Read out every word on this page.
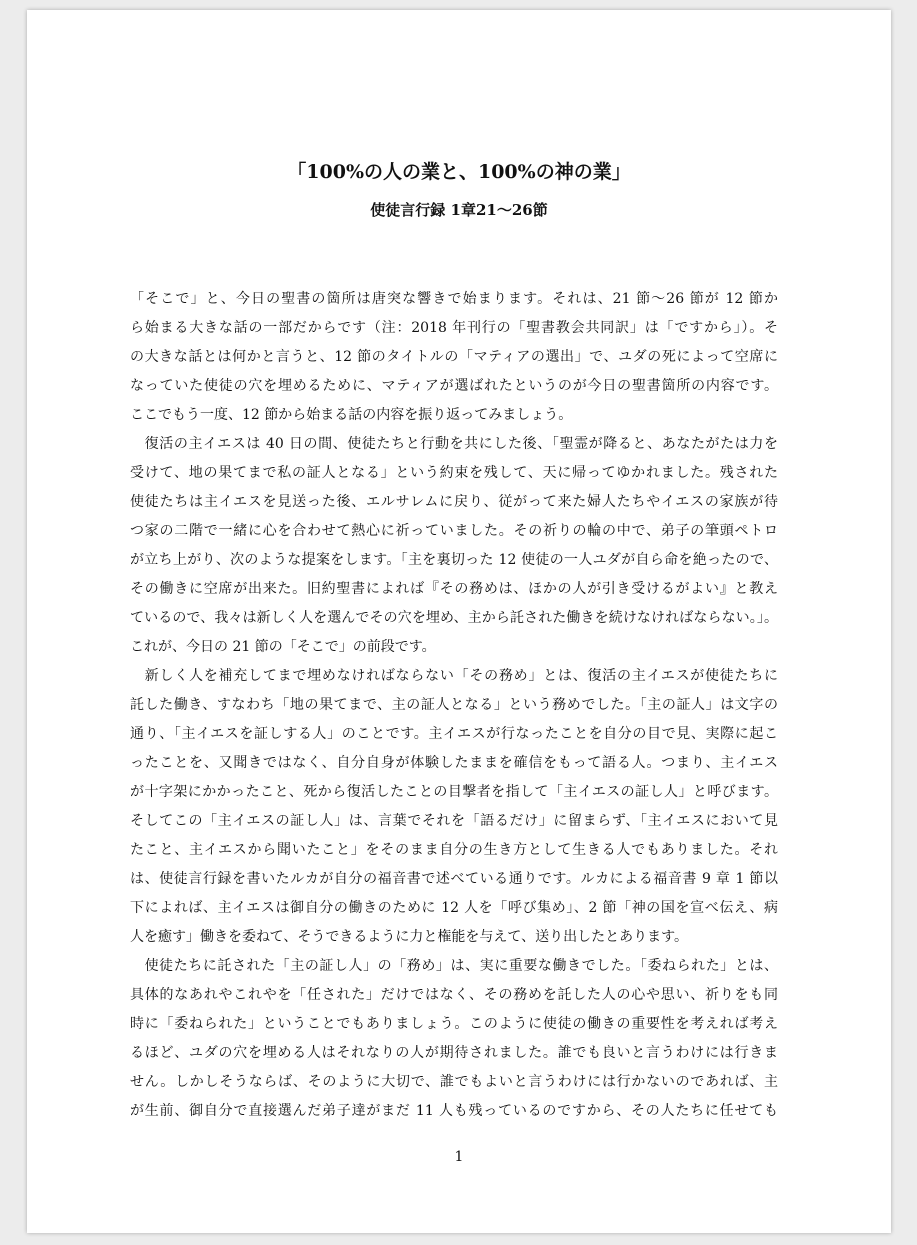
「100%の人の業と、100%の神の業」
使徒言行録 1章21～26節
「そこで」と、今日の聖書の箇所は唐突な響きで始まります。それは、21 節～26 節が 12 節か
ら始まる大きな話の一部だからです（注：2018 年刊行の「聖書教会共同訳」は「ですから」）。そ
の大きな話とは何かと言うと、12 節のタイトルの「マティアの選出」で、ユダの死によって空席に
なっていた使徒の穴を埋めるために、マティアが選ばれたというのが今日の聖書箇所の内容です。
ここでもう一度、12 節から始まる話の内容を振り返ってみましょう。
　復活の主イエスは 40 日の間、使徒たちと行動を共にした後、「聖霊が降ると、あなたがたは力を
受けて、地の果てまで私の証人となる」という約束を残して、天に帰ってゆかれました。残された
使徒たちは主イエスを見送った後、エルサレムに戻り、従がって来た婦人たちやイエスの家族が待
つ家の二階で一緒に心を合わせて熱心に祈っていました。その祈りの輪の中で、弟子の筆頭ペトロ
が立ち上がり、次のような提案をします。「主を裏切った 12 使徒の一人ユダが自ら命を絶ったので、
その働きに空席が出来た。旧約聖書によれば『その務めは、ほかの人が引き受けるがよい』と教え
ているので、我々は新しく人を選んでその穴を埋め、主から託された働きを続けなければならない。」。
これが、今日の 21 節の「そこで」の前段です。
　新しく人を補充してまで埋めなければならない「その務め」とは、復活の主イエスが使徒たちに
託した働き、すなわち「地の果てまで、主の証人となる」という務めでした。「主の証人」は文字の
通り、「主イエスを証しする人」のことです。主イエスが行なったことを自分の目で見、実際に起こ
ったことを、又聞きではなく、自分自身が体験したままを確信をもって語る人。つまり、主イエス
が十字架にかかったこと、死から復活したことの目撃者を指して「主イエスの証し人」と呼びます。
そしてこの「主イエスの証し人」は、言葉でそれを「語るだけ」に留まらず、「主イエスにおいて見
たこと、主イエスから聞いたこと」をそのまま自分の生き方として生きる人でもありました。それ
は、使徒言行録を書いたルカが自分の福音書で述べている通りです。ルカによる福音書 9 章 1 節以
下によれば、主イエスは御自分の働きのために 12 人を「呼び集め」、2 節「神の国を宣べ伝え、病
人を癒す」働きを委ねて、そうできるように力と権能を与えて、送り出したとあります。
　使徒たちに託された「主の証し人」の「務め」は、実に重要な働きでした。「委ねられた」とは、
具体的なあれやこれやを「任された」だけではなく、その務めを託した人の心や思い、祈りをも同
時に「委ねられた」ということでもありましょう。このように使徒の働きの重要性を考えれば考え
るほど、ユダの穴を埋める人はそれなりの人が期待されました。誰でも良いと言うわけには行きま
せん。しかしそうならば、そのように大切で、誰でもよいと言うわけには行かないのであれば、主
が生前、御自分で直接選んだ弟子達がまだ 11 人も残っているのですから、その人たちに任せても
1
